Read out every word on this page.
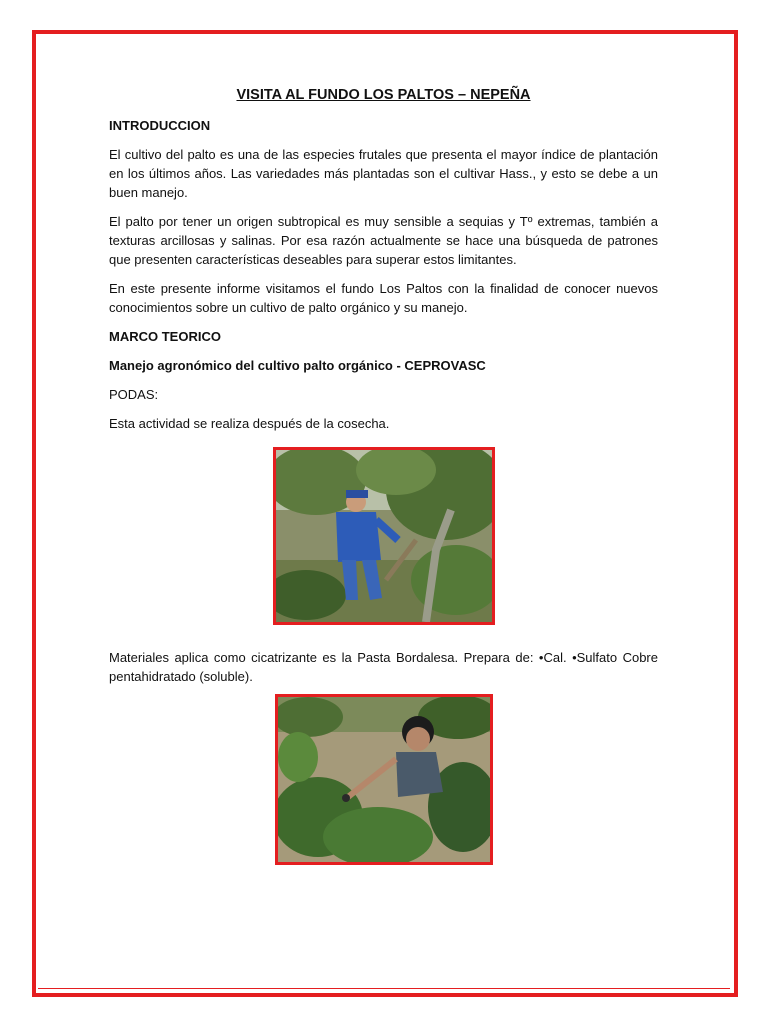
VISITA AL FUNDO LOS PALTOS – NEPEÑA
INTRODUCCION
El cultivo del palto es una de las especies frutales que presenta el mayor índice de plantación en los últimos años. Las variedades más plantadas son el cultivar Hass., y esto se debe a un buen manejo.
El palto por tener un origen subtropical es muy sensible a sequias y Tº extremas, también a texturas arcillosas y salinas. Por esa razón actualmente se hace una búsqueda de patrones que presenten características deseables para superar estos limitantes.
En este presente informe visitamos el fundo Los Paltos con la finalidad de conocer nuevos conocimientos sobre un cultivo de palto orgánico y su manejo.
MARCO TEORICO
Manejo agronómico del cultivo palto orgánico - CEPROVASC
PODAS:
Esta actividad se realiza después de la cosecha.
Materiales aplica como cicatrizante es la Pasta Bordalesa. Prepara de: •Cal. •Sulfato Cobre pentahidratado (soluble).
